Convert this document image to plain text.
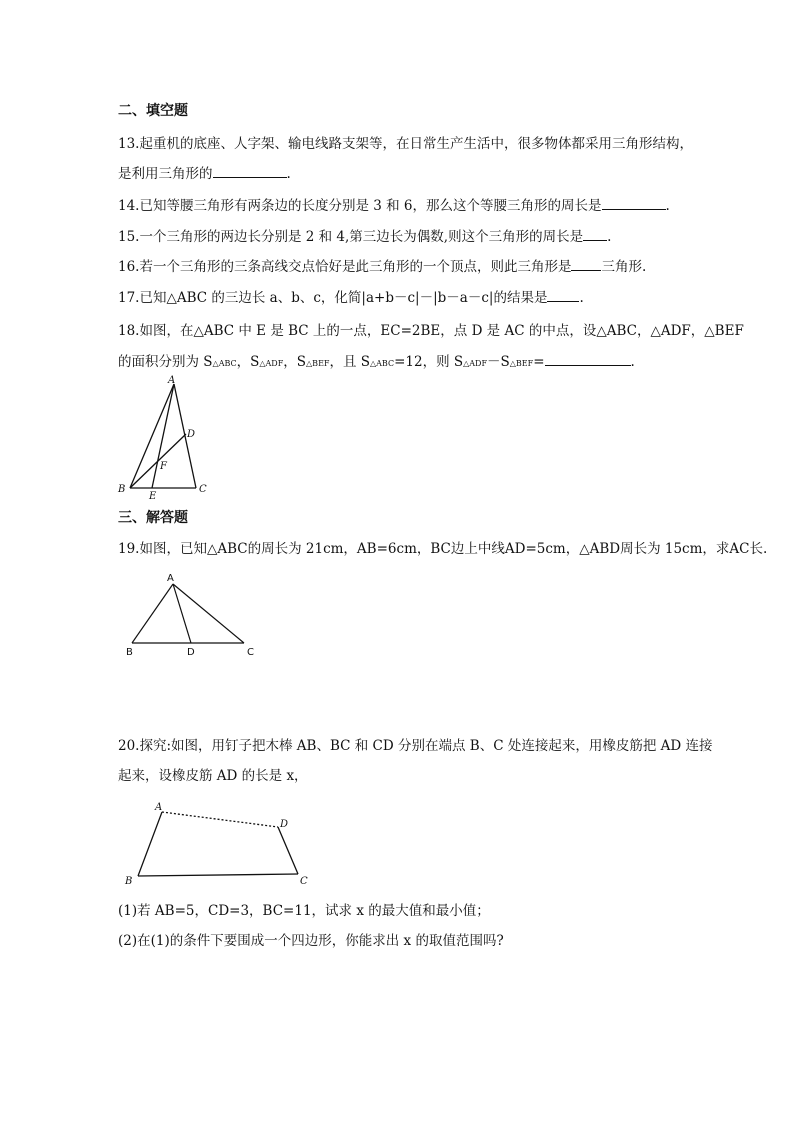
二、填空题
13.起重机的底座、人字架、输电线路支架等，在日常生产生活中，很多物体都采用三角形结构，
是利用三角形的	.
14.已知等腰三角形有两条边的长度分别是 3 和 6，那么这个等腰三角形的周长是	.
15.一个三角形的两边长分别是 2 和 4,第三边长为偶数,则这个三角形的周长是 .
16.若一个三角形的三条高线交点恰好是此三角形的一个顶点，则此三角形是 三角形.
17.已知△ABC 的三边长 a、b、c，化简|a+b－c|－|b－a－c|的结果是 .
18.如图，在△ABC 中 E 是 BC 上的一点，EC=2BE，点 D 是 AC 的中点，设△ABC，△ADF，△BEF
的面积分别为 S△ABC，S△ADF，S△BEF，且 S△ABC=12，则 S△ADF－S△BEF=	.
A
B	C
D
E
F
三、解答题
19.如图，已知△ABC的周长为 21cm，AB=6cm，BC边上中线AD=5cm，△ABD周长为 15cm，求AC长.
A
B	C
D
20.探究:如图，用钉子把木棒 AB、BC 和 CD 分别在端点 B、C 处连接起来，用橡皮筋把 AD 连接
起来，设橡皮筋 AD 的长是 x，
A
B	C
D
(1)若 AB=5，CD=3，BC=11，试求 x 的最大值和最小值；
(2)在(1)的条件下要围成一个四边形，你能求出 x 的取值范围吗?
